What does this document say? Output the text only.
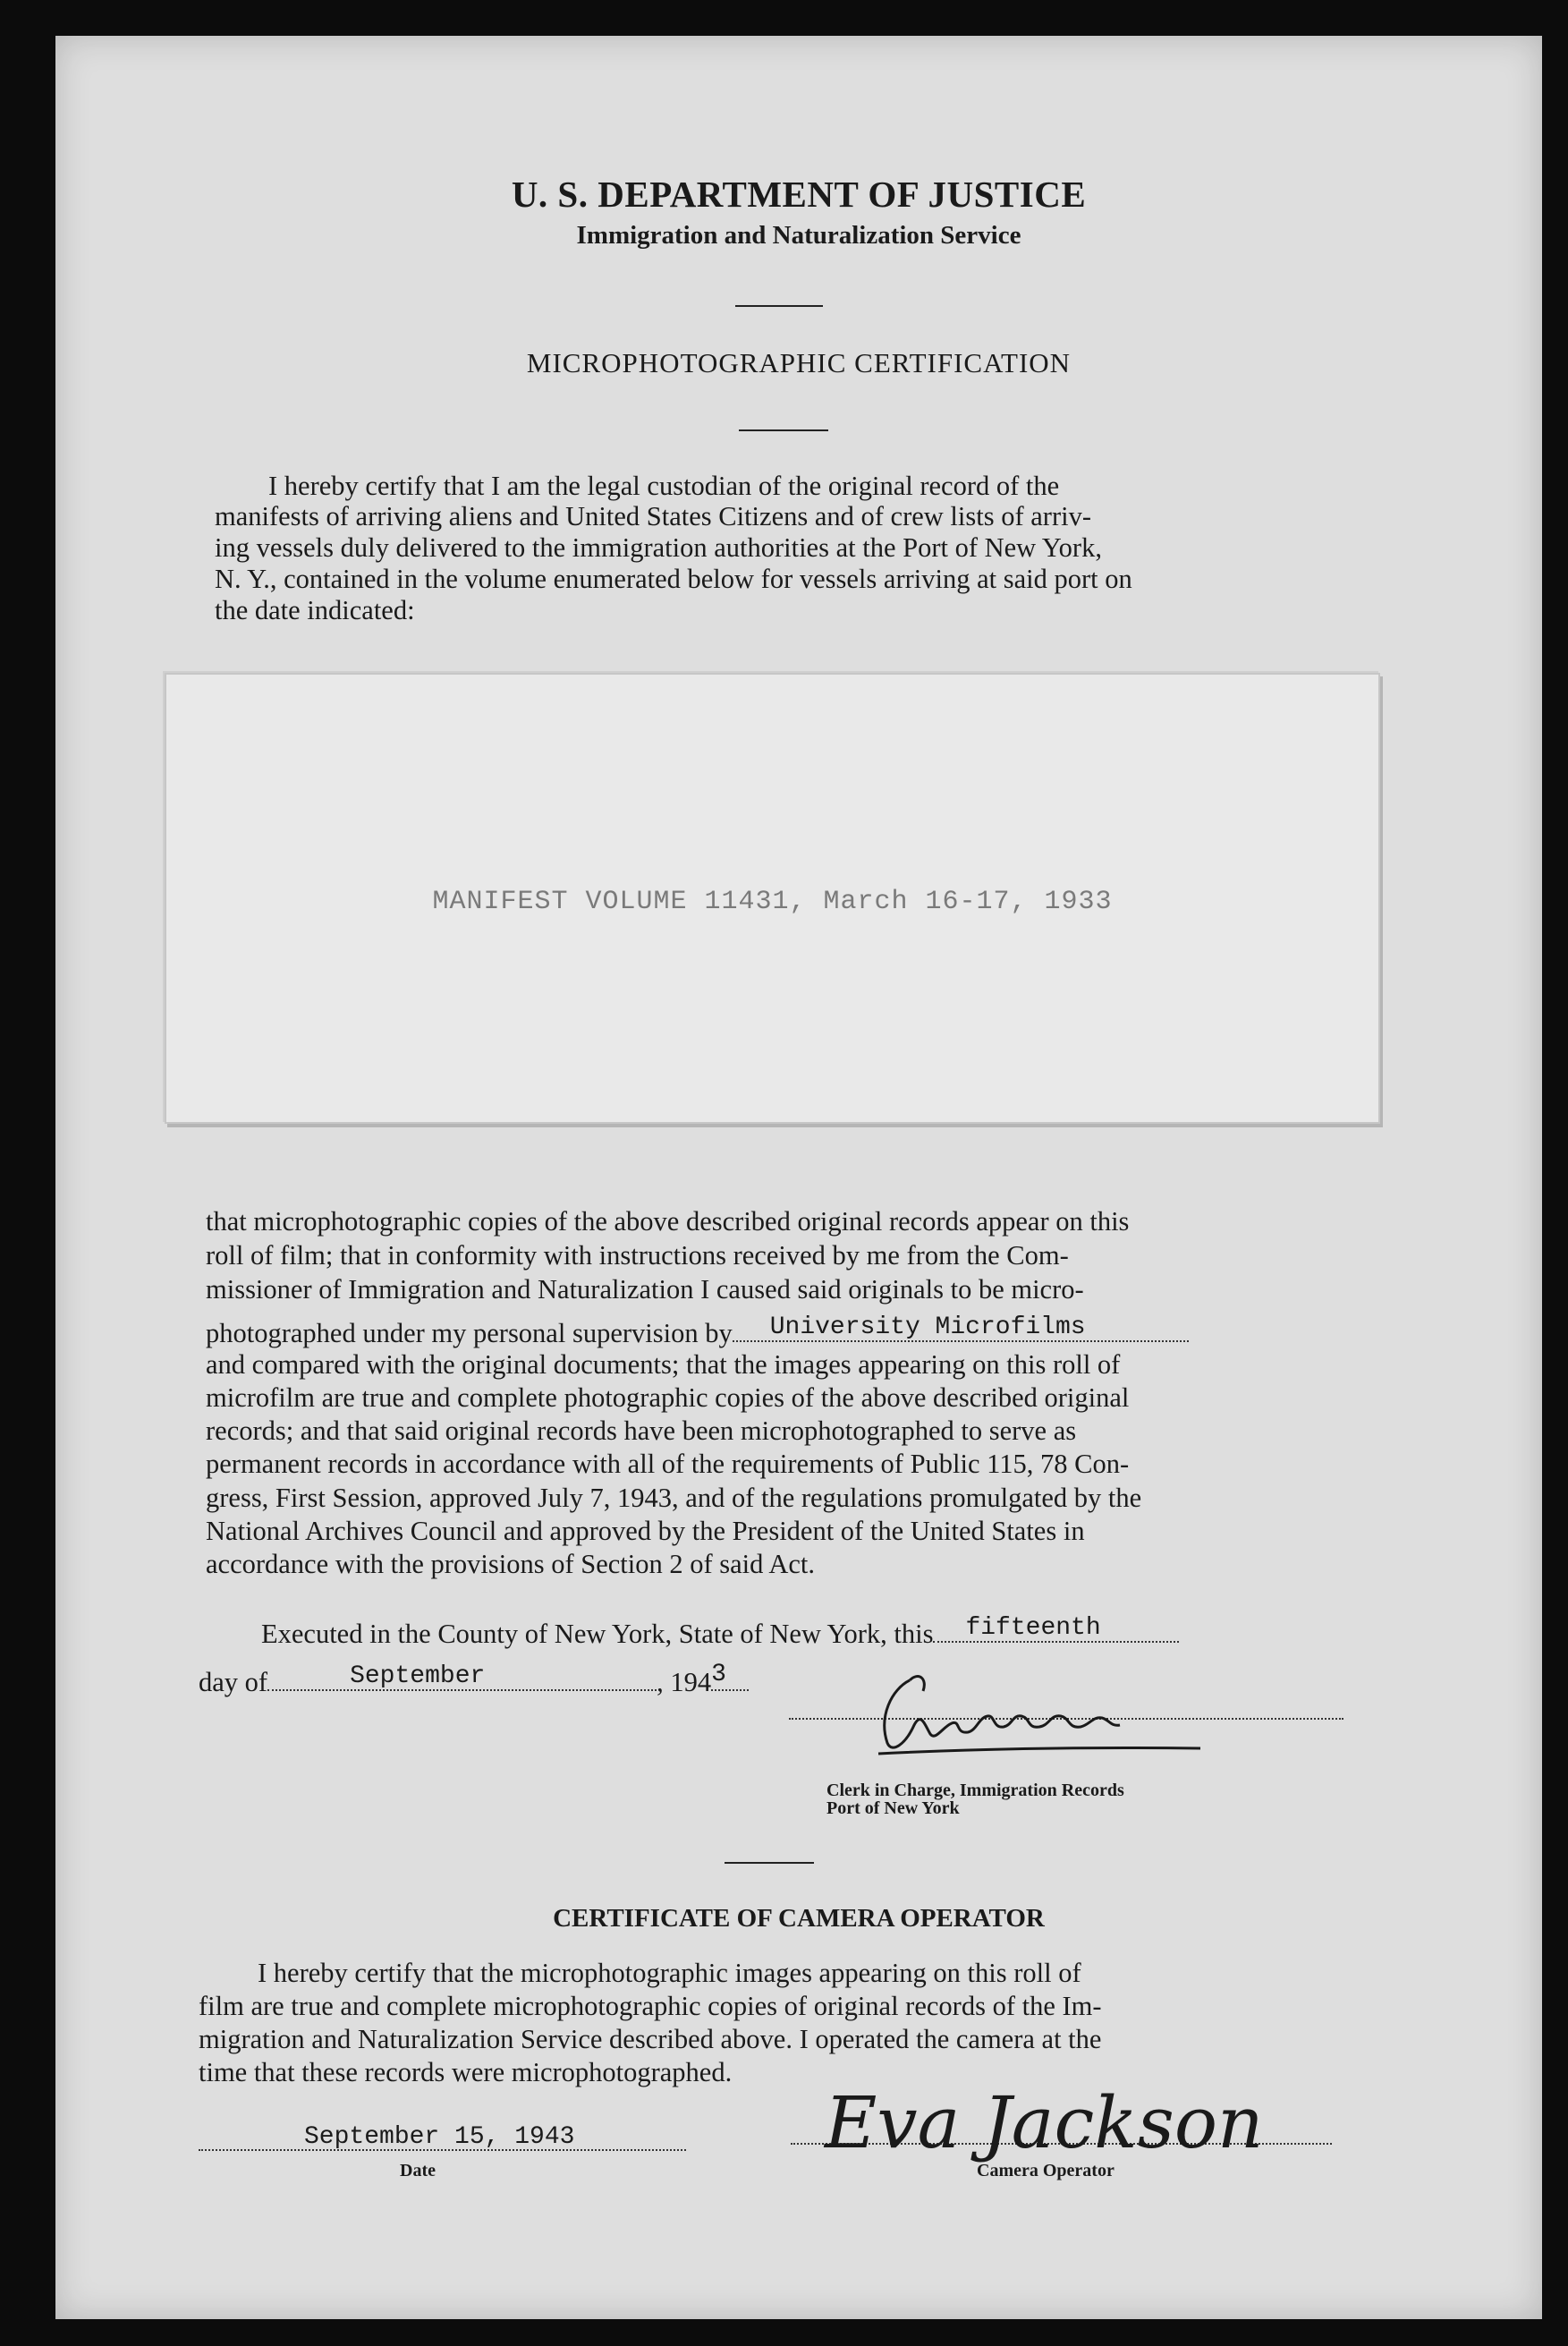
U. S. DEPARTMENT OF JUSTICE
Immigration and Naturalization Service
MICROPHOTOGRAPHIC CERTIFICATION
I hereby certify that I am the legal custodian of the original record of the
manifests of arriving aliens and United States Citizens and of crew lists of arriv-
ing vessels duly delivered to the immigration authorities at the Port of New York,
N. Y., contained in the volume enumerated below for vessels arriving at said port on
the date indicated:
MANIFEST VOLUME 11431, March 16-17, 1933
that microphotographic copies of the above described original records appear on this
roll of film; that in conformity with instructions received by me from the Com-
missioner of Immigration and Naturalization I caused said originals to be micro-
photographed under my personal supervision by University Microfilms
and compared with the original documents; that the images appearing on this roll of
microfilm are true and complete photographic copies of the above described original
records; and that said original records have been microphotographed to serve as
permanent records in accordance with all of the requirements of Public 115, 78 Con-
gress, First Session, approved July 7, 1943, and of the regulations promulgated by the
National Archives Council and approved by the President of the United States in
accordance with the provisions of Section 2 of said Act.
Executed in the County of New York, State of New York, this fifteenth
day of	September	, 194 3
Clerk in Charge, Immigration Records
Port of New York
CERTIFICATE OF CAMERA OPERATOR
I hereby certify that the microphotographic images appearing on this roll of
film are true and complete microphotographic copies of original records of the Im-
migration and Naturalization Service described above. I operated the camera at the
time that these records were microphotographed.
September 15, 1943
Date
Eva Jackson
Camera Operator
